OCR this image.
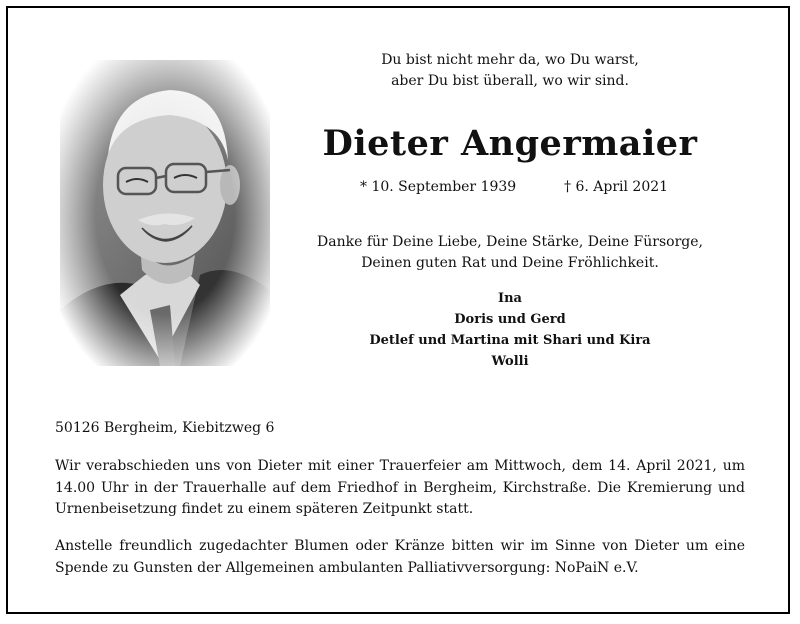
Du bist nicht mehr da, wo Du warst,
aber Du bist überall, wo wir sind.
Dieter Angermaier
* 10. September 1939	† 6. April 2021
Danke für Deine Liebe, Deine Stärke, Deine Fürsorge,
Deinen guten Rat und Deine Fröhlichkeit.
Ina
Doris und Gerd
Detlef und Martina mit Shari und Kira
Wolli
50126 Bergheim, Kiebitzweg 6
Wir verabschieden uns von Dieter mit einer Trauerfeier am Mittwoch, dem 14. April 2021, um 14.00 Uhr in der Trauerhalle auf dem Friedhof in Bergheim, Kirchstraße. Die Kremierung und Urnenbeisetzung findet zu einem späteren Zeitpunkt statt.
Anstelle freundlich zugedachter Blumen oder Kränze bitten wir im Sinne von Dieter um eine Spende zu Gunsten der Allgemeinen ambulanten Palliativversorgung: NoPaiN e.V.
